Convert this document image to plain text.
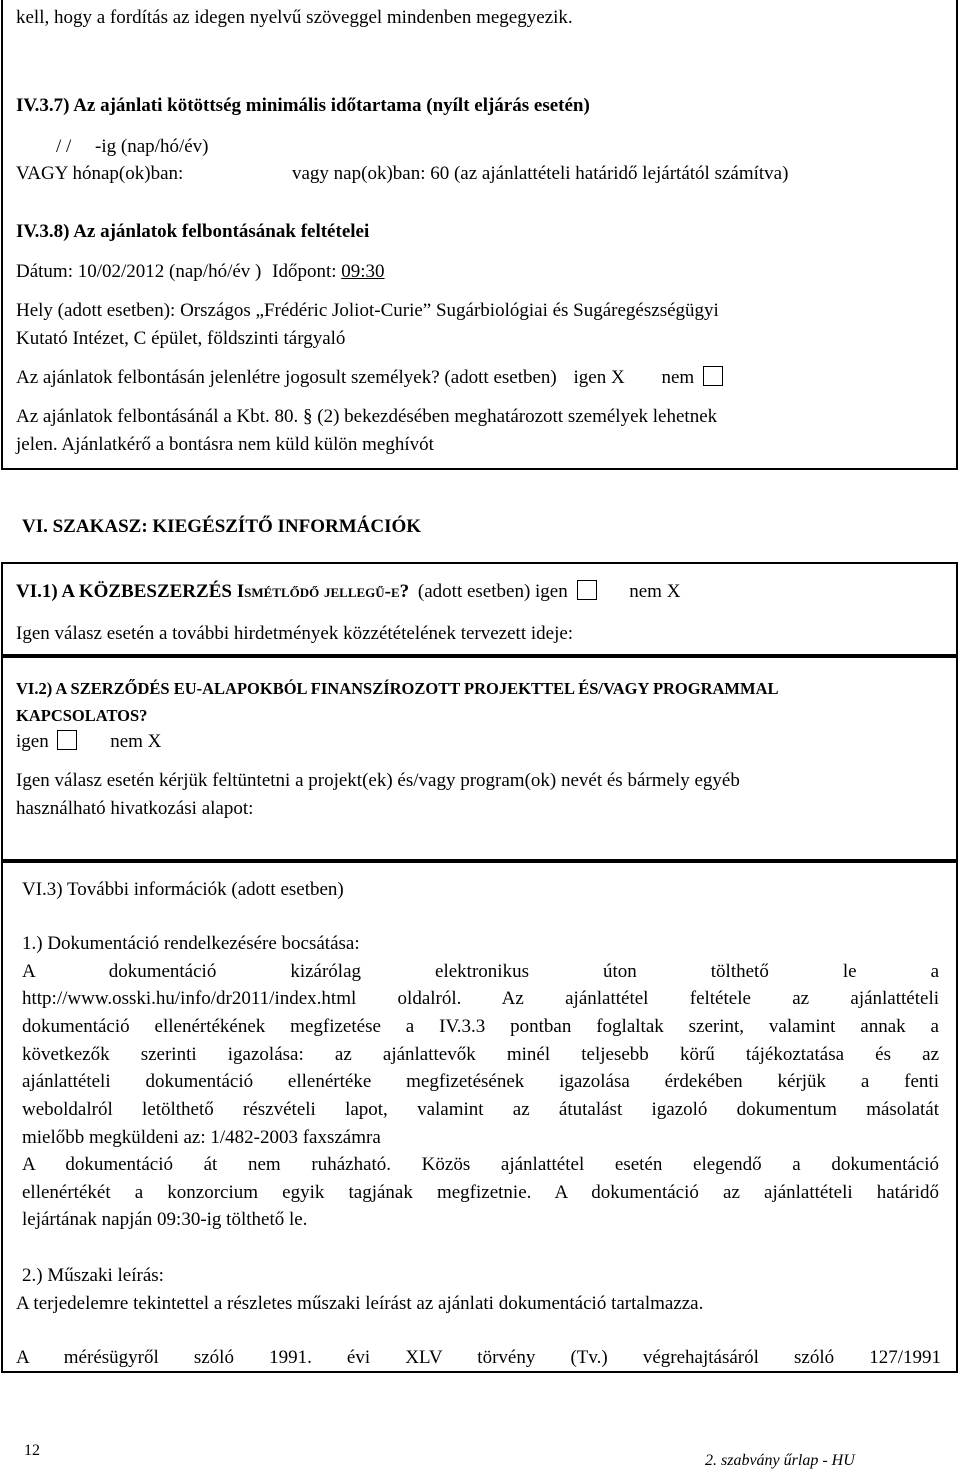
kell, hogy a fordítás az idegen nyelvű szöveggel mindenben megegyezik.
IV.3.7) Az ajánlati kötöttség minimális időtartama (nyílt eljárás esetén)
/ /     -ig (nap/hó/év)
VAGY hónap(ok)ban:	vagy nap(ok)ban: 60 (az ajánlattételi határidő lejártától számítva)
IV.3.8) Az ajánlatok felbontásának feltételei
Dátum: 10/02/2012 (nap/hó/év ) Időpont: 09:30
Hely (adott esetben): Országos „Frédéric Joliot-Curie” Sugárbiológiai és Sugáregészségügyi
Kutató Intézet, C épület, földszinti tárgyaló
Az ajánlatok felbontásán jelenlétre jogosult személyek? (adott esetben) igen X nem
Az ajánlatok felbontásánál a Kbt. 80. § (2) bekezdésében meghatározott személyek lehetnek
jelen. Ajánlatkérő a bontásra nem küld külön meghívót
VI. SZAKASZ: KIEGÉSZÍTŐ INFORMÁCIÓK
VI.1) A KÖZBESZERZÉS Ismétlődő jellegű-e? (adott esetben) igen	nem X
Igen válasz esetén a további hirdetmények közzétételének tervezett ideje:
VI.2) A SZERZŐDÉS EU-ALAPOKBÓL FINANSZÍROZOTT PROJEKTTEL ÉS/VAGY PROGRAMMAL
KAPCSOLATOS?
igen	nem X
Igen válasz esetén kérjük feltüntetni a projekt(ek) és/vagy program(ok) nevét és bármely egyéb
használható hivatkozási alapot:
VI.3) További információk (adott esetben)
1.) Dokumentáció rendelkezésére bocsátása:
A dokumentáció kizárólag elektronikus úton tölthető le a
http://www.osski.hu/info/dr2011/index.html oldalról. Az ajánlattétel feltétele az ajánlattételi
dokumentáció ellenértékének megfizetése a IV.3.3 pontban foglaltak szerint, valamint annak a
következők szerinti igazolása: az ajánlattevők minél teljesebb körű tájékoztatása és az
ajánlattételi dokumentáció ellenértéke megfizetésének igazolása érdekében kérjük a fenti
weboldalról letölthető részvételi lapot, valamint az átutalást igazoló dokumentum másolatát
mielőbb megküldeni az: 1/482-2003 faxszámra
A dokumentáció át nem ruházható. Közös ajánlattétel esetén elegendő a dokumentáció
ellenértékét a konzorcium egyik tagjának megfizetnie. A dokumentáció az ajánlattételi határidő
lejártának napján 09:30-ig tölthető le.
2.) Műszaki leírás:
A terjedelemre tekintettel a részletes műszaki leírást az ajánlati dokumentáció tartalmazza.
A mérésügyről szóló 1991. évi XLV törvény (Tv.) végrehajtásáról szóló 127/1991
12
2. szabvány űrlap - HU
